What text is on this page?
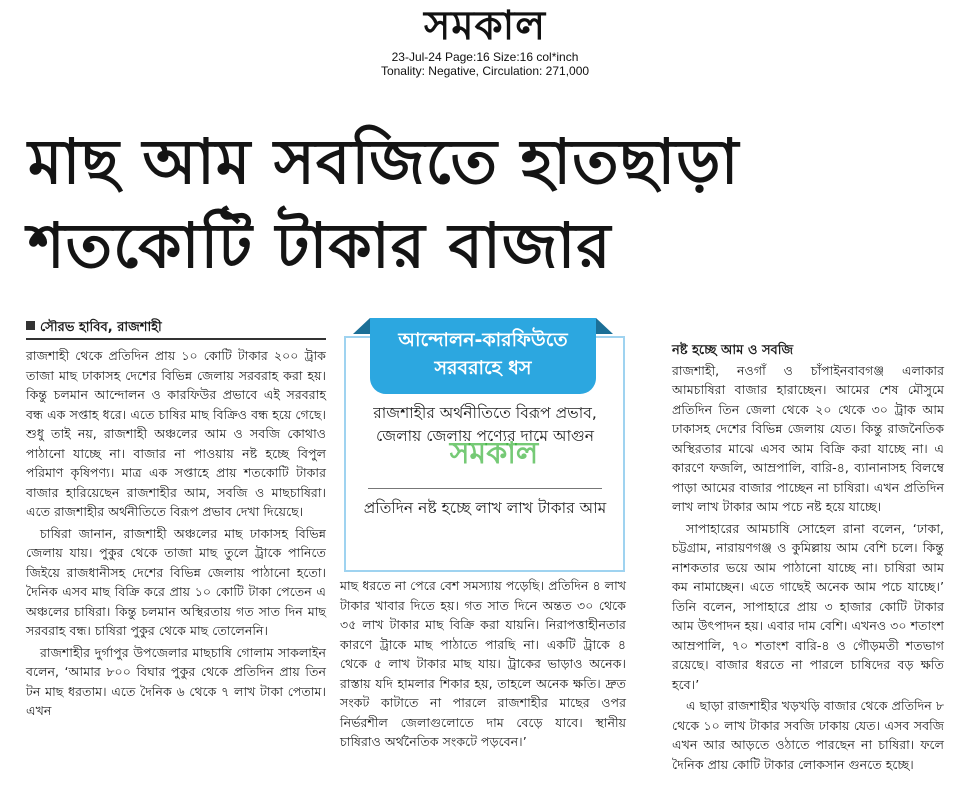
সমকাল
23-Jul-24 Page:16 Size:16 col*inch
Tonality: Negative, Circulation: 271,000
মাছ আম সবজিতে হাতছাড়া
শতকোটি টাকার বাজার
সৌরভ হাবিব, রাজশাহী

রাজশাহী থেকে প্রতিদিন প্রায় ১০ কোটি টাকার ২০০ ট্রাক তাজা মাছ ঢাকাসহ দেশের বিভিন্ন জেলায় সরবরাহ করা হয়। কিন্তু চলমান আন্দোলন ও কারফিউর প্রভাবে এই সরবরাহ বন্ধ এক সপ্তাহ ধরে। এতে চাষির মাছ বিক্রিও বন্ধ হয়ে গেছে। শুধু তাই নয়, রাজশাহী অঞ্চলের আম ও সবজি কোথাও পাঠানো যাচ্ছে না। বাজার না পাওয়ায় নষ্ট হচ্ছে বিপুল পরিমাণ কৃষিপণ্য। মাত্র এক সপ্তাহে প্রায় শতকোটি টাকার বাজার হারিয়েছেন রাজশাহীর আম, সবজি ও মাছচাষিরা। এতে রাজশাহীর অর্থনীতিতে বিরূপ প্রভাব দেখা দিয়েছে।

চাষিরা জানান, রাজশাহী অঞ্চলের মাছ ঢাকাসহ বিভিন্ন জেলায় যায়। পুকুর থেকে তাজা মাছ তুলে ট্রাকে পানিতে জিইয়ে রাজধানীসহ দেশের বিভিন্ন জেলায় পাঠানো হতো। দৈনিক এসব মাছ বিক্রি করে প্রায় ১০ কোটি টাকা পেতেন এ অঞ্চলের চাষিরা। কিন্তু চলমান অস্থিরতায় গত সাত দিন মাছ সরবরাহ বন্ধ। চাষিরা পুকুর থেকে মাছ তোলেননি।

রাজশাহীর দুর্গাপুর উপজেলার মাছচাষি গোলাম সাকলাইন বলেন, ‘আমার ৮০০ বিঘার পুকুর থেকে প্রতিদিন প্রায় তিন টন মাছ ধরতাম। এতে দৈনিক ৬ থেকে ৭ লাখ টাকা পেতাম। এখন

আন্দোলন-কারফিউতে সরবরাহে ধস
রাজশাহীর অর্থনীতিতে বিরূপ প্রভাব, জেলায় জেলায় পণ্যের দামে আগুন
সমকাল
প্রতিদিন নষ্ট হচ্ছে লাখ লাখ টাকার আম

মাছ ধরতে না পেরে বেশ সমস্যায় পড়েছি। প্রতিদিন ৪ লাখ টাকার খাবার দিতে হয়। গত সাত দিনে অন্তত ৩০ থেকে ৩৫ লাখ টাকার মাছ বিক্রি করা যায়নি। নিরাপত্তাহীনতার কারণে ট্রাকে মাছ পাঠাতে পারছি না। একটি ট্রাকে ৪ থেকে ৫ লাখ টাকার মাছ যায়। ট্রাকের ভাড়াও অনেক। রাস্তায় যদি হামলার শিকার হয়, তাহলে অনেক ক্ষতি। দ্রুত সংকট কাটাতে না পারলে রাজশাহীর মাছের ওপর নির্ভরশীল জেলাগুলোতে দাম বেড়ে যাবে। স্থানীয় চাষিরাও অর্থনৈতিক সংকটে পড়বেন।’

নষ্ট হচ্ছে আম ও সবজি

রাজশাহী, নওগাঁ ও চাঁপাইনবাবগঞ্জ এলাকার আমচাষিরা বাজার হারাচ্ছেন। আমের শেষ মৌসুমে প্রতিদিন তিন জেলা থেকে ২০ থেকে ৩০ ট্রাক আম ঢাকাসহ দেশের বিভিন্ন জেলায় যেত। কিন্তু রাজনৈতিক অস্থিরতার মাঝে এসব আম বিক্রি করা যাচ্ছে না। এ কারণে ফজলি, আম্রপালি, বারি-৪, ব্যানানাসহ বিলম্বে পাড়া আমের বাজার পাচ্ছেন না চাষিরা। এখন প্রতিদিন লাখ লাখ টাকার আম পচে নষ্ট হয়ে যাচ্ছে।

সাপাহারের আমচাষি সোহেল রানা বলেন, ‘ঢাকা, চট্টগ্রাম, নারায়ণগঞ্জ ও কুমিল্লায় আম বেশি চলে। কিন্তু নাশকতার ভয়ে আম পাঠানো যাচ্ছে না। চাষিরা আম কম নামাচ্ছেন। এতে গাছেই অনেক আম পচে যাচ্ছে।’ তিনি বলেন, সাপাহারে প্রায় ৩ হাজার কোটি টাকার আম উৎপাদন হয়। এবার দাম বেশি। এখনও ৩০ শতাংশ আম্রপালি, ৭০ শতাংশ বারি-৪ ও গৌড়মতী শতভাগ রয়েছে। বাজার ধরতে না পারলে চাষিদের বড় ক্ষতি হবে।’

এ ছাড়া রাজশাহীর খড়খড়ি বাজার থেকে প্রতিদিন ৮ থেকে ১০ লাখ টাকার সবজি ঢাকায় যেত। এসব সবজি এখন আর আড়তে ওঠাতে পারছেন না চাষিরা। ফলে দৈনিক প্রায় কোটি টাকার লোকসান গুনতে হচ্ছে।
